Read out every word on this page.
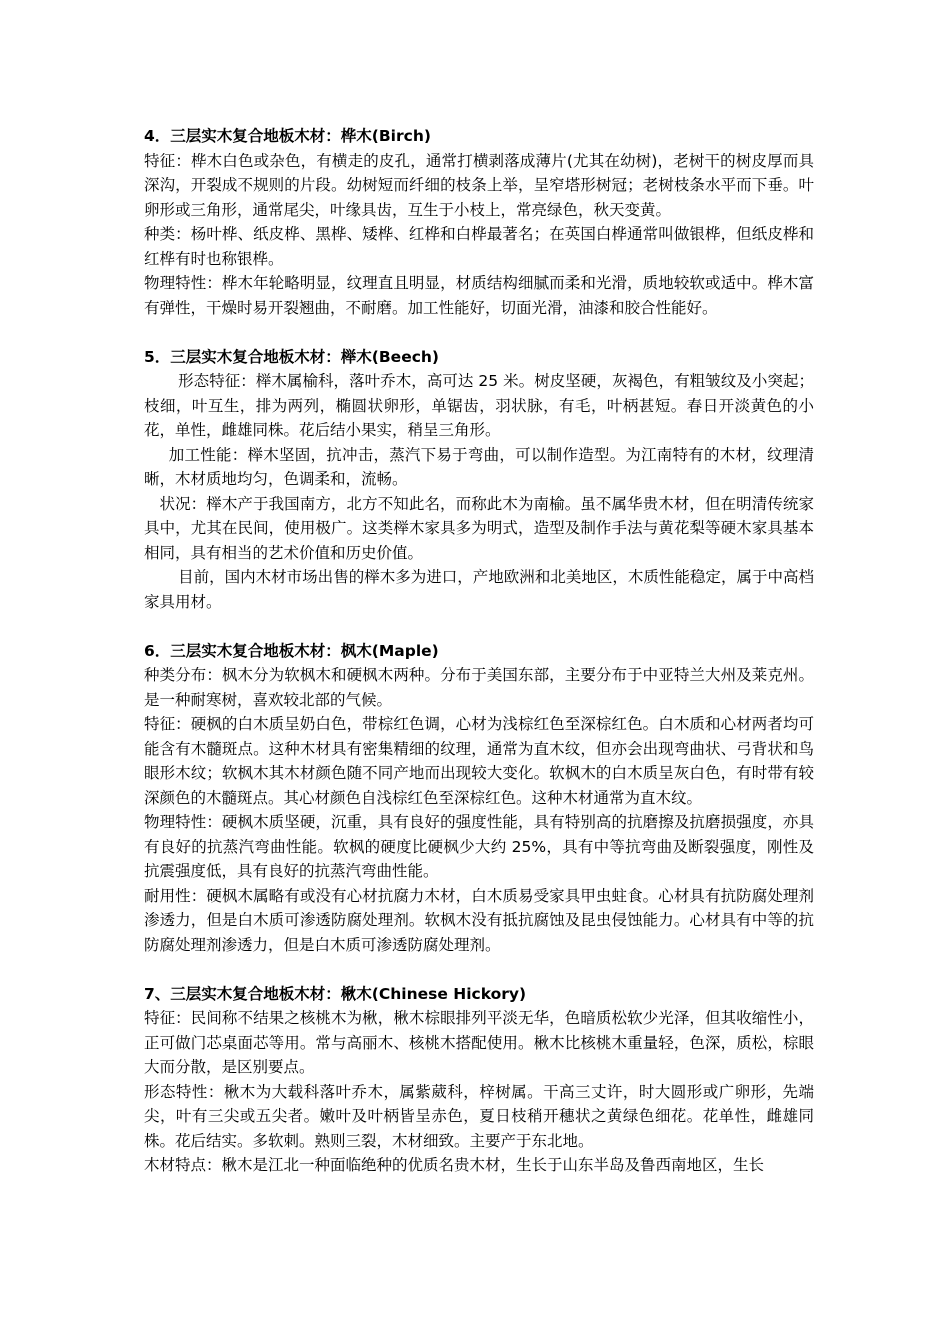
4．三层实木复合地板木材：桦木(Birch)

特征：桦木白色或杂色，有横走的皮孔，通常打横剥落成薄片(尤其在幼树)，老树干的树皮厚而具深沟，开裂成不规则的片段。幼树短而纤细的枝条上举，呈窄塔形树冠；老树枝条水平而下垂。叶卵形或三角形，通常尾尖，叶缘具齿，互生于小枝上，常亮绿色，秋天变黄。

种类：杨叶桦、纸皮桦、黑桦、矮桦、红桦和白桦最著名；在英国白桦通常叫做银桦，但纸皮桦和红桦有时也称银桦。

物理特性：桦木年轮略明显，纹理直且明显，材质结构细腻而柔和光滑，质地较软或适中。桦木富有弹性，干燥时易开裂翘曲，不耐磨。加工性能好，切面光滑，油漆和胶合性能好。

5．三层实木复合地板木材：榉木(Beech)

形态特征：榉木属榆科，落叶乔木，高可达 25 米。树皮坚硬，灰褐色，有粗皱纹及小突起；枝细，叶互生，排为两列，椭圆状卵形，单锯齿，羽状脉，有毛，叶柄甚短。春日开淡黄色的小花，单性，雌雄同株。花后结小果实，稍呈三角形。

加工性能：榉木坚固，抗冲击，蒸汽下易于弯曲，可以制作造型。为江南特有的木材，纹理清晰，木材质地均匀，色调柔和，流畅。

状况：榉木产于我国南方，北方不知此名，而称此木为南榆。虽不属华贵木材，但在明清传统家具中，尤其在民间，使用极广。这类榉木家具多为明式，造型及制作手法与黄花梨等硬木家具基本相同，具有相当的艺术价值和历史价值。

目前，国内木材市场出售的榉木多为进口，产地欧洲和北美地区，木质性能稳定，属于中高档家具用材。

6．三层实木复合地板木材：枫木(Maple)

种类分布：枫木分为软枫木和硬枫木两种。分布于美国东部，主要分布于中亚特兰大州及莱克州。是一种耐寒树，喜欢较北部的气候。

特征：硬枫的白木质呈奶白色，带棕红色调，心材为浅棕红色至深棕红色。白木质和心材两者均可能含有木髓斑点。这种木材具有密集精细的纹理，通常为直木纹，但亦会出现弯曲状、弓背状和鸟眼形木纹；软枫木其木材颜色随不同产地而出现较大变化。软枫木的白木质呈灰白色，有时带有较深颜色的木髓斑点。其心材颜色自浅棕红色至深棕红色。这种木材通常为直木纹。

物理特性：硬枫木质坚硬，沉重，具有良好的强度性能，具有特别高的抗磨擦及抗磨损强度，亦具有良好的抗蒸汽弯曲性能。软枫的硬度比硬枫少大约 25%，具有中等抗弯曲及断裂强度，刚性及抗震强度低，具有良好的抗蒸汽弯曲性能。

耐用性：硬枫木属略有或没有心材抗腐力木材，白木质易受家具甲虫蛀食。心材具有抗防腐处理剂渗透力，但是白木质可渗透防腐处理剂。软枫木没有抵抗腐蚀及昆虫侵蚀能力。心材具有中等的抗防腐处理剂渗透力，但是白木质可渗透防腐处理剂。

7、三层实木复合地板木材：楸木(Chinese Hickory)

特征：民间称不结果之核桃木为楸，楸木棕眼排列平淡无华，色暗质松软少光泽，但其收缩性小，正可做门芯桌面芯等用。常与高丽木、核桃木搭配使用。楸木比核桃木重量轻，色深，质松，棕眼大而分散，是区别要点。

形态特性：楸木为大载科落叶乔木，属紫葳科，梓树属。干高三丈许，时大圆形或广卵形，先端尖，叶有三尖或五尖者。嫩叶及叶柄皆呈赤色，夏日枝稍开穗状之黄绿色细花。花单性，雌雄同株。花后结实。多软刺。熟则三裂，木材细致。主要产于东北地。

木材特点：楸木是江北一种面临绝种的优质名贵木材，生长于山东半岛及鲁西南地区，生长
